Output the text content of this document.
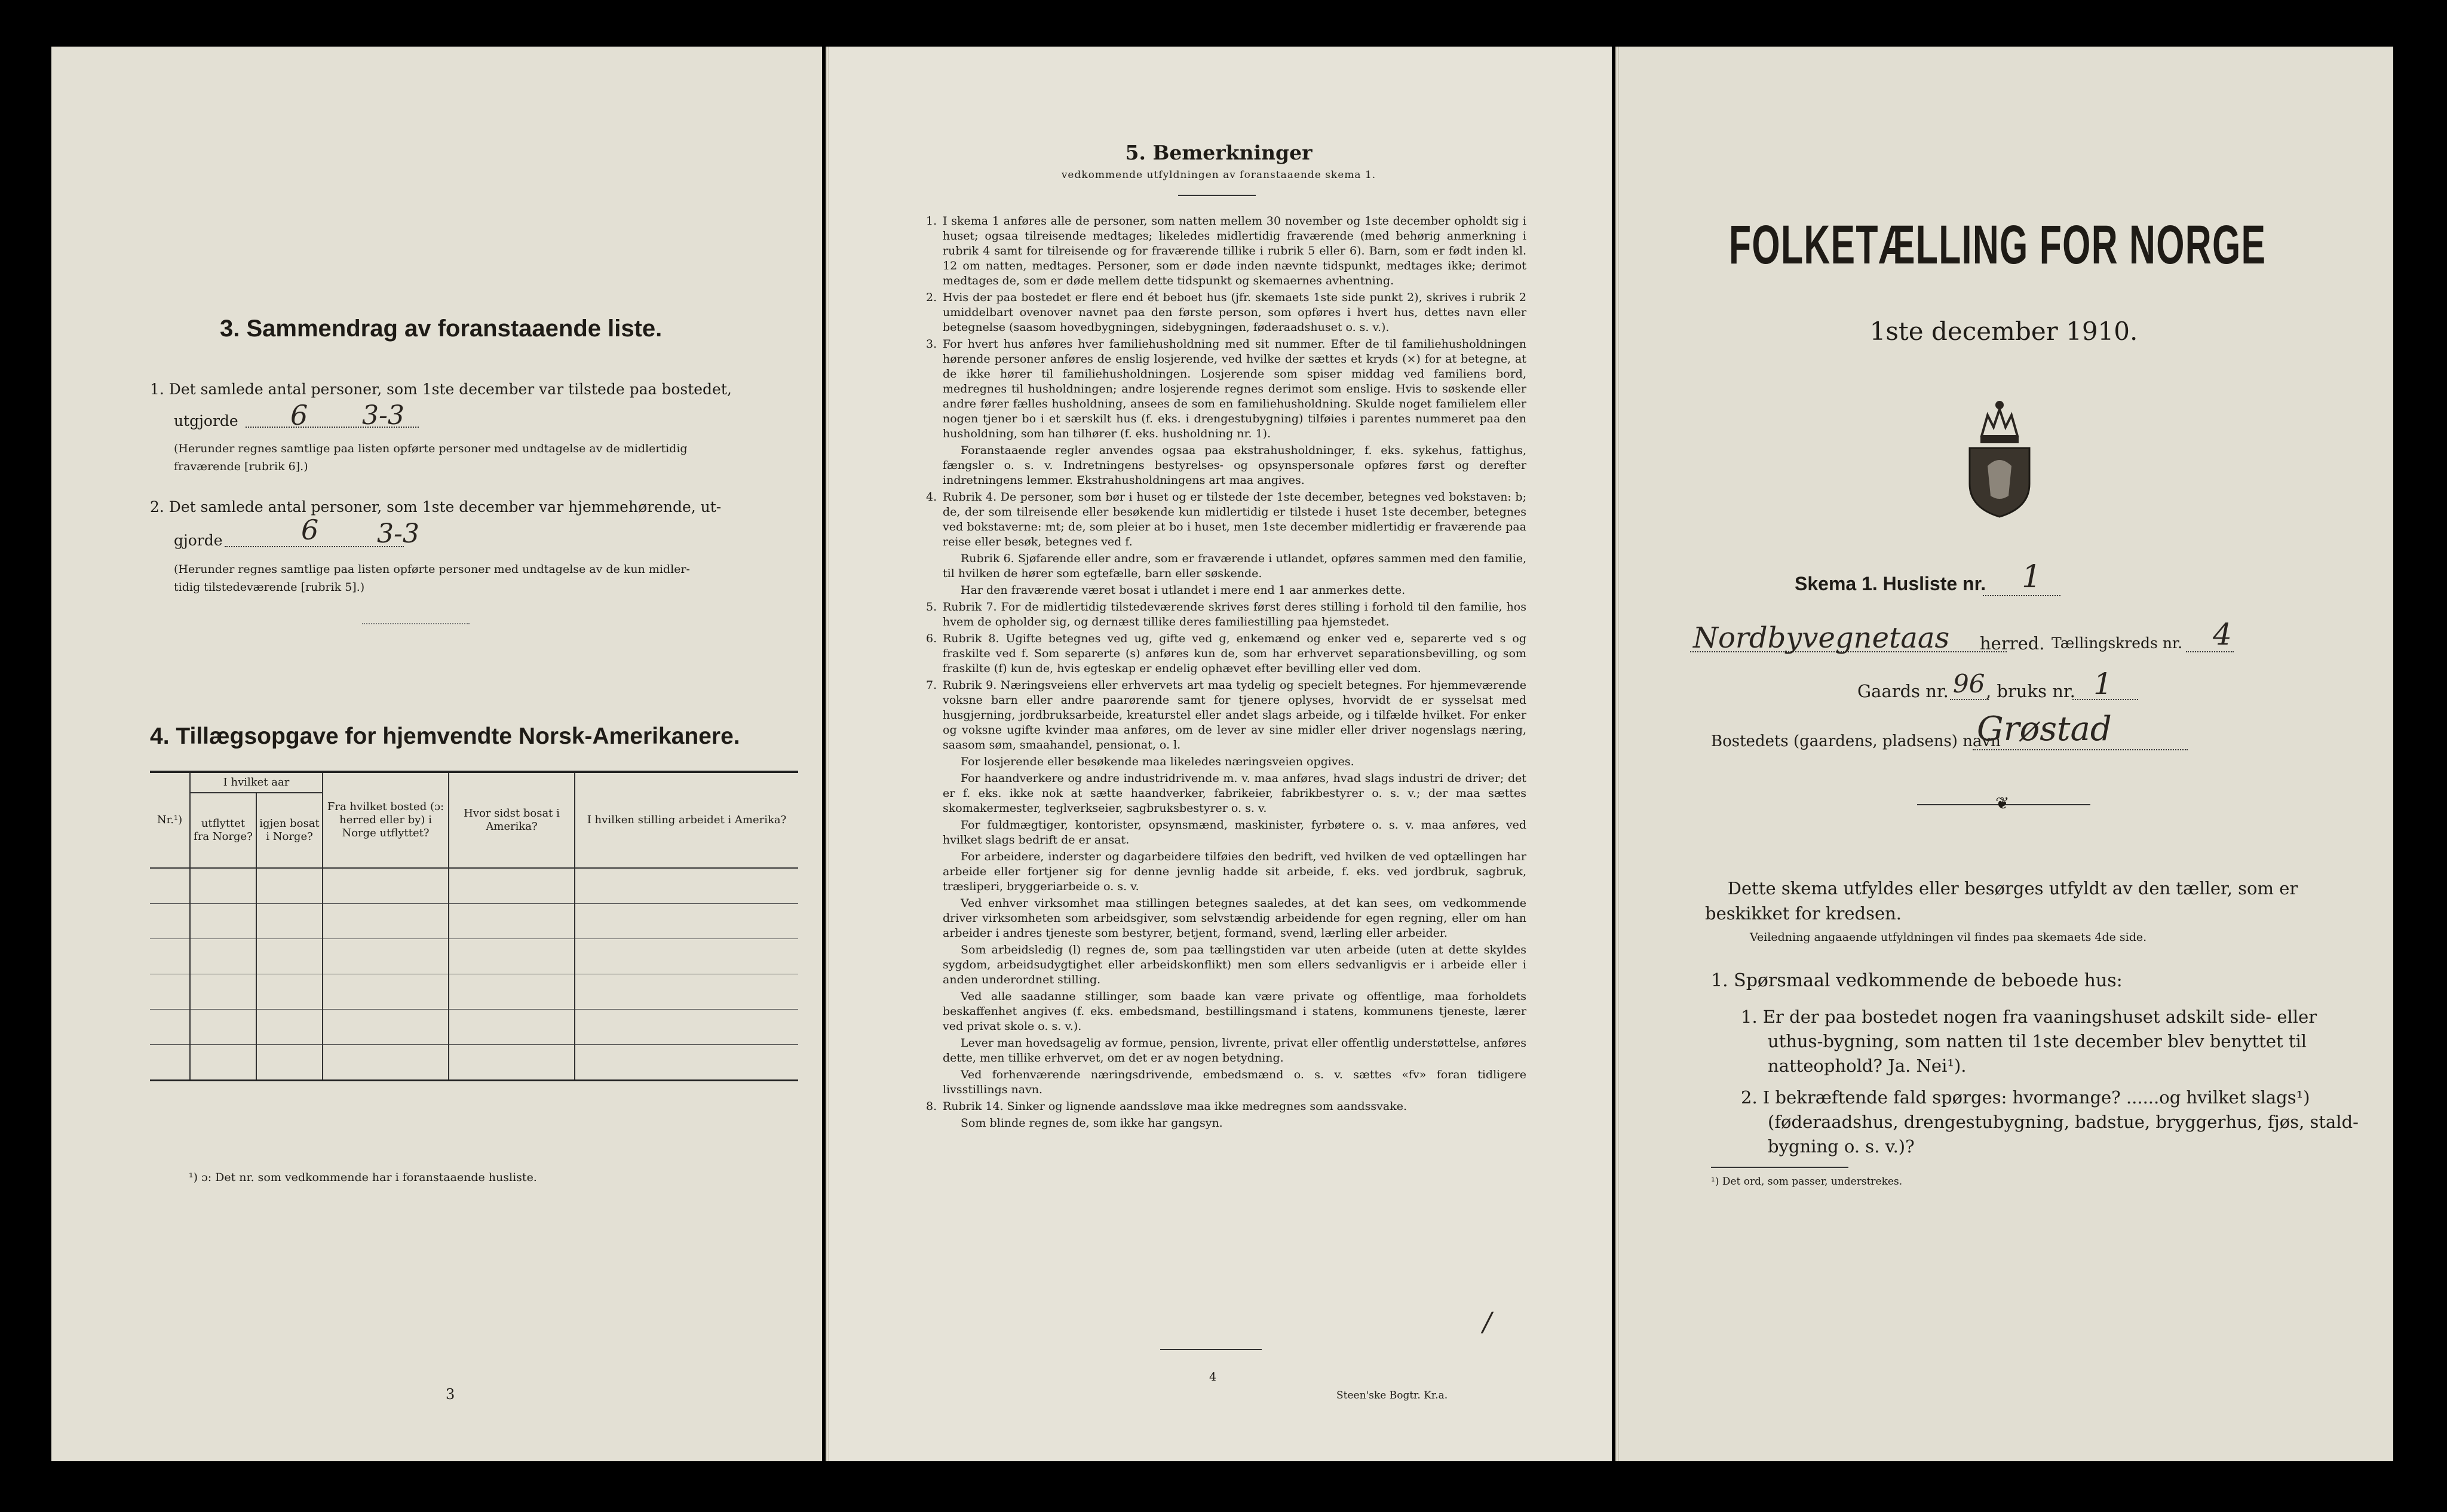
3. Sammendrag av foranstaaende liste.
1. Det samlede antal personer, som 1ste december var tilstede paa bostedet,
utgjorde 6 3-3
(Herunder regnes samtlige paa listen opførte personer med undtagelse av de midlertidig
fraværende [rubrik 6].)
2. Det samlede antal personer, som 1ste december var hjemmehørende, ut-
gjorde	6 3-3
(Herunder regnes samtlige paa listen opførte personer med undtagelse av de kun midler-
tidig tilstedeværende [rubrik 5].)
4. Tillægsopgave for hjemvendte Norsk-Amerikanere.
Nr.¹)	I hvilket aar		Fra hvilket bosted (ɔ: herred eller by) i Norge utflyttet?	Hvor sidst bosat i Amerika?	I hvilken stilling arbeidet i Amerika?
	utflyttet fra Norge?	igjen bosat i Norge?			

¹) ɔ: Det nr. som vedkommende har i foranstaaende husliste.
3
5. Bemerkninger
vedkommende utfyldningen av foranstaaende skema 1.
1. I skema 1 anføres alle de personer, som natten mellem 30 november og 1ste december opholdt sig i huset; ogsaa tilreisende medtages; likeledes midlertidig fraværende (med behørig anmerkning i rubrik 4 samt for tilreisende og for fraværende tillike i rubrik 5 eller 6). Barn, som er født inden kl. 12 om natten, medtages. Personer, som er døde inden nævnte tidspunkt, medtages ikke; derimot medtages de, som er døde mellem dette tidspunkt og skemaernes avhentning.
2. Hvis der paa bostedet er flere end ét beboet hus (jfr. skemaets 1ste side punkt 2), skrives i rubrik 2 umiddelbart ovenover navnet paa den første person, som opføres i hvert hus, dettes navn eller betegnelse (saasom hovedbygningen, sidebygningen, føderaadshuset o. s. v.).
3. For hvert hus anføres hver familiehusholdning med sit nummer. Efter de til familiehusholdningen hørende personer anføres de enslig losjerende, ved hvilke der sættes et kryds (×) for at betegne, at de ikke hører til familiehusholdningen. Losjerende som spiser middag ved familiens bord, medregnes til husholdningen; andre losjerende regnes derimot som enslige. Hvis to søskende eller andre fører fælles husholdning, ansees de som en familiehusholdning. Skulde noget familielem eller nogen tjener bo i et særskilt hus (f. eks. i drengestubygning) tilføies i parentes nummeret paa den husholdning, som han tilhører (f. eks. husholdning nr. 1).
Foranstaaende regler anvendes ogsaa paa ekstrahusholdninger, f. eks. sykehus, fattighus, fængsler o. s. v. Indretningens bestyrelses- og opsynspersonale opføres først og derefter indretningens lemmer. Ekstrahusholdningens art maa angives.
4. Rubrik 4. De personer, som bør i huset og er tilstede der 1ste december, betegnes ved bokstaven: b; de, der som tilreisende eller besøkende kun midlertidig er tilstede i huset 1ste december, betegnes ved bokstaverne: mt; de, som pleier at bo i huset, men 1ste december midlertidig er fraværende paa reise eller besøk, betegnes ved f.
Rubrik 6. Sjøfarende eller andre, som er fraværende i utlandet, opføres sammen med den familie, til hvilken de hører som egtefælle, barn eller søskende.
Har den fraværende været bosat i utlandet i mere end 1 aar anmerkes dette.
5. Rubrik 7. For de midlertidig tilstedeværende skrives først deres stilling i forhold til den familie, hos hvem de opholder sig, og dernæst tillike deres familiestilling paa hjemstedet.
6. Rubrik 8. Ugifte betegnes ved ug, gifte ved g, enkemænd og enker ved e, separerte ved s og fraskilte ved f. Som separerte (s) anføres kun de, som har erhvervet separationsbevilling, og som fraskilte (f) kun de, hvis egteskap er endelig ophævet efter bevilling eller ved dom.
7. Rubrik 9. Næringsveiens eller erhvervets art maa tydelig og specielt betegnes. For hjemmeværende voksne barn eller andre paarørende samt for tjenere oplyses, hvorvidt de er sysselsat med husgjerning, jordbruksarbeide, kreaturstel eller andet slags arbeide, og i tilfælde hvilket. For enker og voksne ugifte kvinder maa anføres, om de lever av sine midler eller driver nogenslags næring, saasom søm, smaahandel, pensionat, o. l.
For losjerende eller besøkende maa likeledes næringsveien opgives.
For haandverkere og andre industridrivende m. v. maa anføres, hvad slags industri de driver; det er f. eks. ikke nok at sætte haandverker, fabrikeier, fabrikbestyrer o. s. v.; der maa sættes skomakermester, teglverkseier, sagbruksbestyrer o. s. v.
For fuldmægtiger, kontorister, opsynsmænd, maskinister, fyrbøtere o. s. v. maa anføres, ved hvilket slags bedrift de er ansat.
For arbeidere, inderster og dagarbeidere tilføies den bedrift, ved hvilken de ved optællingen har arbeide eller fortjener sig for denne jevnlig hadde sit arbeide, f. eks. ved jordbruk, sagbruk, træsliperi, bryggeriarbeide o. s. v.
Ved enhver virksomhet maa stillingen betegnes saaledes, at det kan sees, om vedkommende driver virksomheten som arbeidsgiver, som selvstændig arbeidende for egen regning, eller om han arbeider i andres tjeneste som bestyrer, betjent, formand, svend, lærling eller arbeider.
Som arbeidsledig (l) regnes de, som paa tællingstiden var uten arbeide (uten at dette skyldes sygdom, arbeidsudygtighet eller arbeidskonflikt) men som ellers sedvanligvis er i arbeide eller i anden underordnet stilling.
Ved alle saadanne stillinger, som baade kan være private og offentlige, maa forholdets beskaffenhet angives (f. eks. embedsmand, bestillingsmand i statens, kommunens tjeneste, lærer ved privat skole o. s. v.).
Lever man hovedsagelig av formue, pension, livrente, privat eller offentlig understøttelse, anføres dette, men tillike erhvervet, om det er av nogen betydning.
Ved forhenværende næringsdrivende, embedsmænd o. s. v. sættes «fv» foran tidligere livsstillings navn.
8. Rubrik 14. Sinker og lignende aandssløve maa ikke medregnes som aandssvake.
Som blinde regnes de, som ikke har gangsyn.
/
4
Steen'ske Bogtr. Kr.a.
FOLKETÆLLING FOR NORGE
1ste december 1910.
Skema 1. Husliste nr. 1
Nordbyvegnetaas herred. Tællingskreds nr. 4
Gaards nr. 96 , bruks nr. 1
Bostedets (gaardens, pladsens) navn
Grøstad
❦
Dette skema utfyldes eller besørges utfyldt av den tæller, som er
beskikket for kredsen.
Veiledning angaaende utfyldningen vil findes paa skemaets 4de side.
1. Spørsmaal vedkommende de beboede hus:
1. Er der paa bostedet nogen fra vaaningshuset adskilt side- eller
uthus-bygning, som natten til 1ste december blev benyttet til
natteophold? Ja. Nei¹).
2. I bekræftende fald spørges: hvormange? ......og hvilket slags¹)
(føderaadshus, drengestubygning, badstue, bryggerhus, fjøs, stald-
bygning o. s. v.)?
¹) Det ord, som passer, understrekes.
